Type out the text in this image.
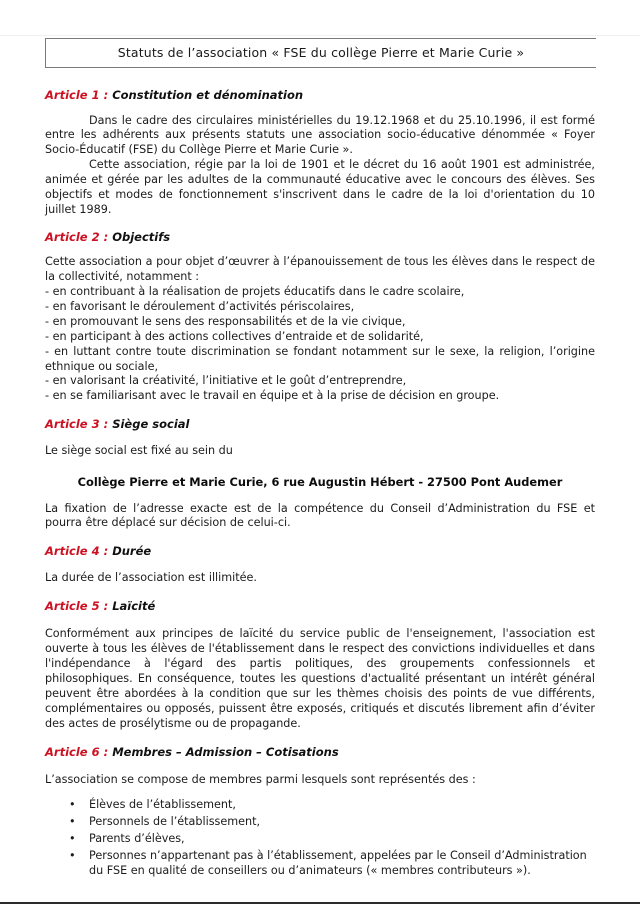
Statuts de l’association « FSE du collège Pierre et Marie Curie »
Article 1 : Constitution et dénomination

Dans le cadre des circulaires ministérielles du 19.12.1968 et du 25.10.1996, il est formé entre les adhérents aux présents statuts une association socio-éducative dénommée « Foyer Socio-Éducatif (FSE) du Collège Pierre et Marie Curie ».

Cette association, régie par la loi de 1901 et le décret du 16 août 1901 est administrée, animée et gérée par les adultes de la communauté éducative avec le concours des élèves. Ses objectifs et modes de fonctionnement s'inscrivent dans le cadre de la loi d'orientation du 10 juillet 1989.

Article 2 : Objectifs

Cette association a pour objet d’œuvrer à l’épanouissement de tous les élèves dans le respect de la collectivité, notamment :

- en contribuant à la réalisation de projets éducatifs dans le cadre scolaire,

- en favorisant le déroulement d’activités périscolaires,

- en promouvant le sens des responsabilités et de la vie civique,

- en participant à des actions collectives d’entraide et de solidarité,

- en luttant contre toute discrimination se fondant notamment sur le sexe, la religion, l’origine ethnique ou sociale,

- en valorisant la créativité, l’initiative et le goût d’entreprendre,

- en se familiarisant avec le travail en équipe et à la prise de décision en groupe.

Article 3 : Siège social

Le siège social est fixé au sein du

Collège Pierre et Marie Curie, 6 rue Augustin Hébert - 27500 Pont Audemer

La fixation de l’adresse exacte est de la compétence du Conseil d’Administration du FSE et pourra être déplacé sur décision de celui-ci.

Article 4 : Durée

La durée de l’association est illimitée.

Article 5 : Laïcité

Conformément aux principes de laïcité du service public de l'enseignement, l'association est ouverte à tous les élèves de l'établissement dans le respect des convictions individuelles et dans l'indépendance à l'égard des partis politiques, des groupements confessionnels et philosophiques. En conséquence, toutes les questions d'actualité présentant un intérêt général peuvent être abordées à la condition que sur les thèmes choisis des points de vue différents, complémentaires ou opposés, puissent être exposés, critiqués et discutés librement afin d’éviter des actes de prosélytisme ou de propagande.

Article 6 : Membres – Admission – Cotisations

L’association se compose de membres parmi lesquels sont représentés des :

• Élèves de l’établissement,
• Personnels de l’établissement,
• Parents d’élèves,
• Personnes n’appartenant pas à l’établissement, appelées par le Conseil d’Administration du FSE en qualité de conseillers ou d’animateurs (« membres contributeurs »).
